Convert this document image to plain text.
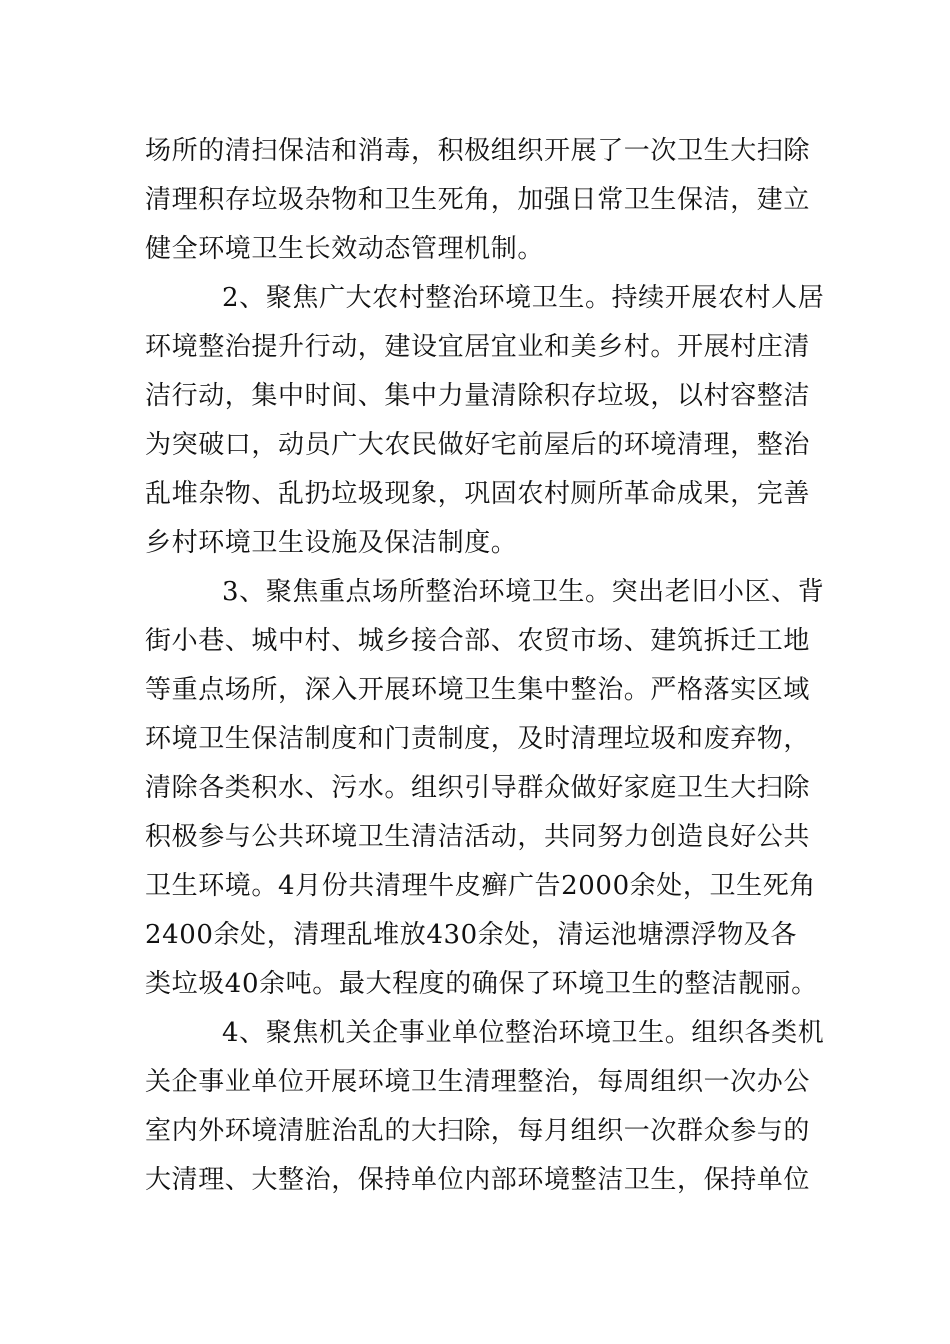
场所的清扫保洁和消毒，积极组织开展了一次卫生大扫除
清理积存垃圾杂物和卫生死角，加强日常卫生保洁，建立
健全环境卫生长效动态管理机制。
2、聚焦广大农村整治环境卫生。持续开展农村人居
环境整治提升行动，建设宜居宜业和美乡村。开展村庄清
洁行动，集中时间、集中力量清除积存垃圾，以村容整洁
为突破口，动员广大农民做好宅前屋后的环境清理，整治
乱堆杂物、乱扔垃圾现象，巩固农村厕所革命成果，完善
乡村环境卫生设施及保洁制度。
3、聚焦重点场所整治环境卫生。突出老旧小区、背
街小巷、城中村、城乡接合部、农贸市场、建筑拆迁工地
等重点场所，深入开展环境卫生集中整治。严格落实区域
环境卫生保洁制度和门责制度，及时清理垃圾和废弃物，
清除各类积水、污水。组织引导群众做好家庭卫生大扫除
积极参与公共环境卫生清洁活动，共同努力创造良好公共
卫生环境。4月份共清理牛皮癣广告2000余处，卫生死角
2400余处，清理乱堆放430余处，清运池塘漂浮物及各
类垃圾40余吨。最大程度的确保了环境卫生的整洁靓丽。
4、聚焦机关企事业单位整治环境卫生。组织各类机
关企事业单位开展环境卫生清理整治，每周组织一次办公
室内外环境清脏治乱的大扫除，每月组织一次群众参与的
大清理、大整治，保持单位内部环境整洁卫生，保持单位
